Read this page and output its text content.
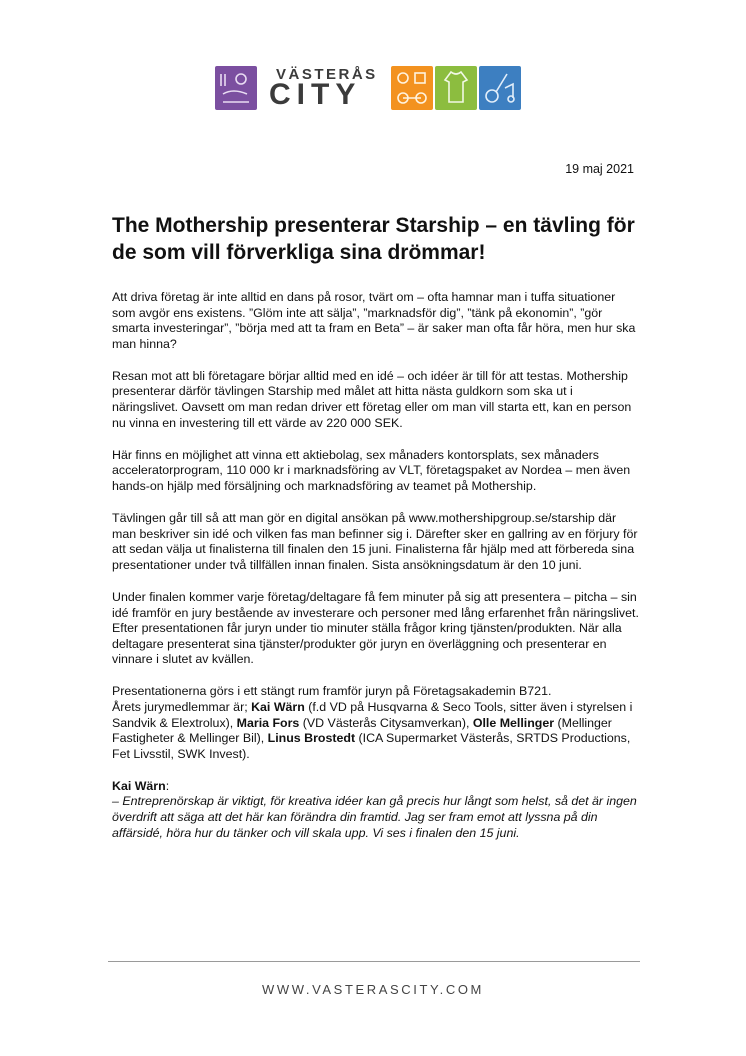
VÄSTERÅS
CITY
19 maj 2021
The Mothership presenterar Starship – en tävling för de som vill förverkliga sina drömmar!

Att driva företag är inte alltid en dans på rosor, tvärt om – ofta hamnar man i tuffa situationer som avgör ens existens. ”Glöm inte att sälja”, ”marknadsför dig”, ”tänk på ekonomin”, ”gör smarta investeringar”, ”börja med att ta fram en Beta” – är saker man ofta får höra, men hur ska man hinna?

Resan mot att bli företagare börjar alltid med en idé – och idéer är till för att testas. Mothership presenterar därför tävlingen Starship med målet att hitta nästa guldkorn som ska ut i näringslivet. Oavsett om man redan driver ett företag eller om man vill starta ett, kan en person nu vinna en investering till ett värde av 220 000 SEK.

Här finns en möjlighet att vinna ett aktiebolag, sex månaders kontorsplats, sex månaders acceleratorprogram, 110 000 kr i marknadsföring av VLT, företagspaket av Nordea – men även hands-on hjälp med försäljning och marknadsföring av teamet på Mothership.

Tävlingen går till så att man gör en digital ansökan på www.mothershipgroup.se/starship där man beskriver sin idé och vilken fas man befinner sig i. Därefter sker en gallring av en förjury för att sedan välja ut finalisterna till finalen den 15 juni. Finalisterna får hjälp med att förbereda sina presentationer under två tillfällen innan finalen. Sista ansökningsdatum är den 10 juni.

Under finalen kommer varje företag/deltagare få fem minuter på sig att presentera – pitcha – sin idé framför en jury bestående av investerare och personer med lång erfarenhet från näringslivet. Efter presentationen får juryn under tio minuter ställa frågor kring tjänsten/produkten. När alla deltagare presenterat sina tjänster/produkter gör juryn en överläggning och presenterar en vinnare i slutet av kvällen.

Presentationerna görs i ett stängt rum framför juryn på Företagsakademin B721.
Årets jurymedlemmar är; Kai Wärn (f.d VD på Husqvarna & Seco Tools, sitter även i styrelsen i Sandvik & Elextrolux), Maria Fors (VD Västerås Citysamverkan), Olle Mellinger (Mellinger Fastigheter & Mellinger Bil), Linus Brostedt (ICA Supermarket Västerås, SRTDS Productions, Fet Livsstil, SWK Invest).

Kai Wärn:
– Entreprenörskap är viktigt, för kreativa idéer kan gå precis hur långt som helst, så det är ingen överdrift att säga att det här kan förändra din framtid. Jag ser fram emot att lyssna på din affärsidé, höra hur du tänker och vill skala upp. Vi ses i finalen den 15 juni.

WWW.VASTERASCITY.COM
